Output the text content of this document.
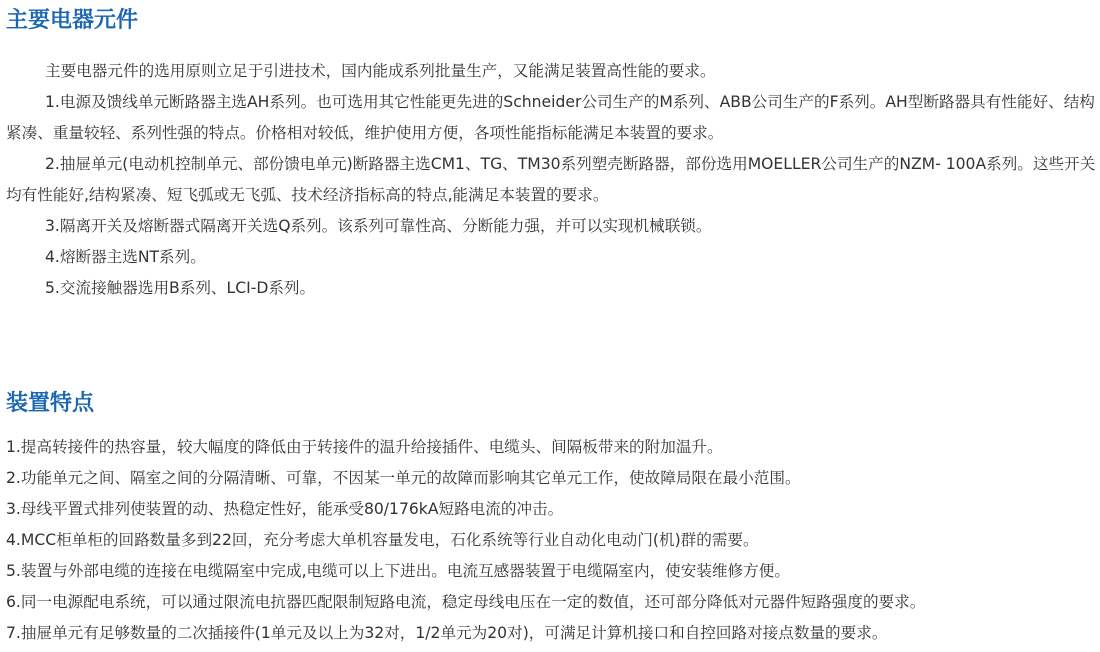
主要电器元件

主要电器元件的选用原则立足于引进技术，国内能成系列批量生产，又能满足装置高性能的要求。

1.电源及馈线单元断路器主选AH系列。也可选用其它性能更先进的Schneider公司生产的M系列、ABB公司生产的F系列。AH型断路器具有性能好、结构紧凑、重量较轻、系列性强的特点。价格相对较低，维护使用方便，各项性能指标能满足本装置的要求。

2.抽屉单元(电动机控制单元、部份馈电单元)断路器主选CM1、TG、TM30系列塑壳断路器，部份选用MOELLER公司生产的NZM- 100A系列。这些开关均有性能好,结构紧凑、短飞弧或无飞弧、技术经济指标高的特点,能满足本装置的要求。

3.隔离开关及熔断器式隔离开关选Q系列。该系列可靠性高、分断能力强，并可以实现机械联锁。

4.熔断器主选NT系列。

5.交流接触器选用B系列、LCI-D系列。

装置特点

1.提高转接件的热容量，较大幅度的降低由于转接件的温升给接插件、电缆头、间隔板带来的附加温升。

2.功能单元之间、隔室之间的分隔清晰、可靠，不因某一单元的故障而影响其它单元工作，使故障局限在最小范围。

3.母线平置式排列使装置的动、热稳定性好，能承受80/176kA短路电流的冲击。

4.MCC柜单柜的回路数量多到22回，充分考虑大单机容量发电，石化系统等行业自动化电动门(机)群的需要。

5.装置与外部电缆的连接在电缆隔室中完成,电缆可以上下进出。电流互感器装置于电缆隔室内，使安装维修方便。

6.同一电源配电系统，可以通过限流电抗器匹配限制短路电流，稳定母线电压在一定的数值，还可部分降低对元器件短路强度的要求。

7.抽屉单元有足够数量的二次插接件(1单元及以上为32对，1/2单元为20对)，可满足计算机接口和自控回路对接点数量的要求。
